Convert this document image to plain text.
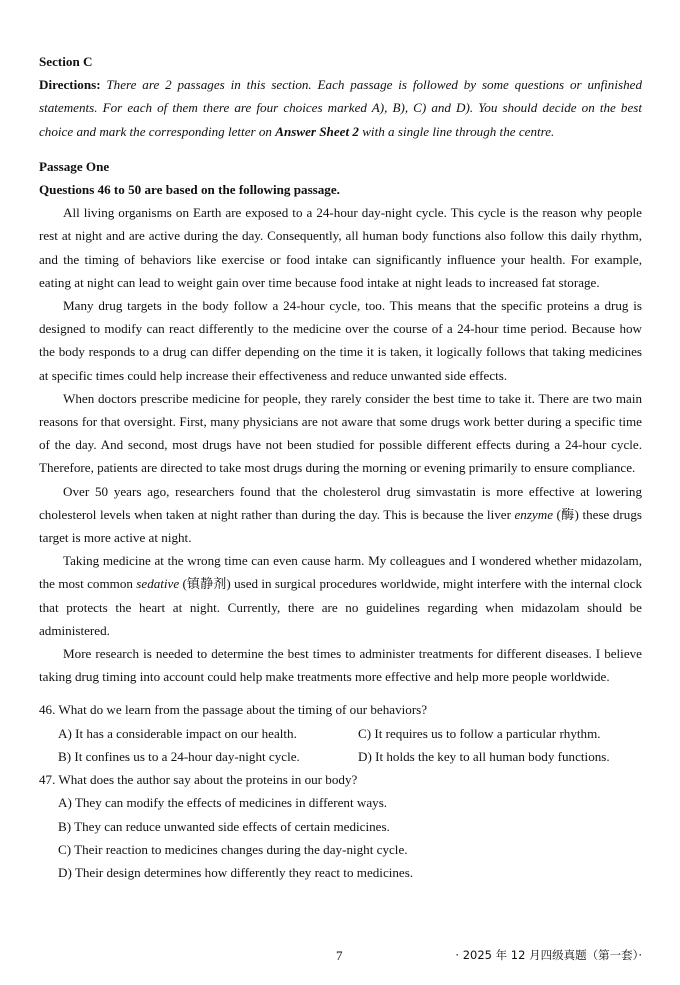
Section C
Directions: There are 2 passages in this section. Each passage is followed by some questions or unfinished statements. For each of them there are four choices marked A), B), C) and D). You should decide on the best choice and mark the corresponding letter on Answer Sheet 2 with a single line through the centre.
Passage One
Questions 46 to 50 are based on the following passage.

All living organisms on Earth are exposed to a 24-hour day-night cycle. This cycle is the reason why people rest at night and are active during the day. Consequently, all human body functions also follow this daily rhythm, and the timing of behaviors like exercise or food intake can significantly influence your health. For example, eating at night can lead to weight gain over time because food intake at night leads to increased fat storage.

Many drug targets in the body follow a 24-hour cycle, too. This means that the specific proteins a drug is designed to modify can react differently to the medicine over the course of a 24-hour time period. Because how the body responds to a drug can differ depending on the time it is taken, it logically follows that taking medicines at specific times could help increase their effectiveness and reduce unwanted side effects.

When doctors prescribe medicine for people, they rarely consider the best time to take it. There are two main reasons for that oversight. First, many physicians are not aware that some drugs work better during a specific time of the day. And second, most drugs have not been studied for possible different effects during a 24-hour cycle. Therefore, patients are directed to take most drugs during the morning or evening primarily to ensure compliance.

Over 50 years ago, researchers found that the cholesterol drug simvastatin is more effective at lowering cholesterol levels when taken at night rather than during the day. This is because the liver enzyme (酶) these drugs target is more active at night.

Taking medicine at the wrong time can even cause harm. My colleagues and I wondered whether midazolam, the most common sedative (镇静剂) used in surgical procedures worldwide, might interfere with the internal clock that protects the heart at night. Currently, there are no guidelines regarding when midazolam should be administered.

More research is needed to determine the best times to administer treatments for different diseases. I believe taking drug timing into account could help make treatments more effective and help more people worldwide.

46. What do we learn from the passage about the timing of our behaviors?
A) It has a considerable impact on our health.	C) It requires us to follow a particular rhythm.
B) It confines us to a 24-hour day-night cycle.	D) It holds the key to all human body functions.
47. What does the author say about the proteins in our body?
A) They can modify the effects of medicines in different ways.
B) They can reduce unwanted side effects of certain medicines.
C) Their reaction to medicines changes during the day-night cycle.
D) Their design determines how differently they react to medicines.
7	· 2025 年 12 月四级真题（第一套）·
